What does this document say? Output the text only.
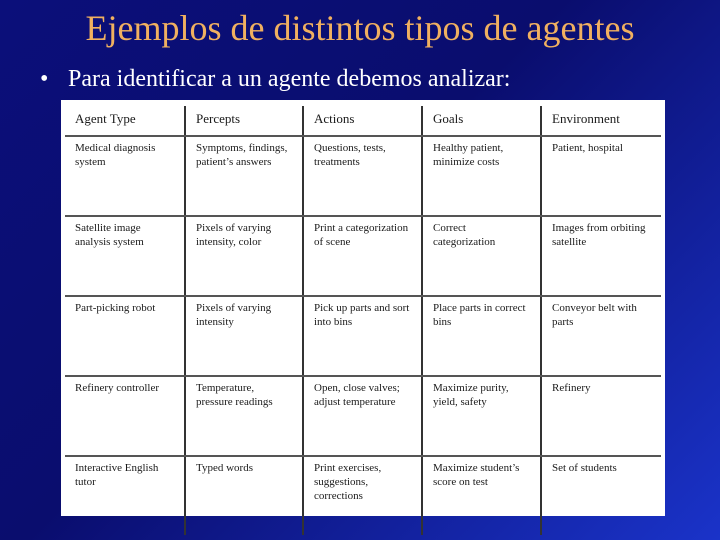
Ejemplos de distintos tipos de agentes
• Para identificar a un agente debemos analizar:
Agent Type	Percepts	Actions	Goals	Environment
Medical diagnosis system	Symptoms, findings, patient’s answers	Questions, tests, treatments	Healthy patient, minimize costs	Patient, hospital
Satellite image analysis system	Pixels of varying intensity, color	Print a categorization of scene	Correct categorization	Images from orbiting satellite
Part-picking robot	Pixels of varying intensity	Pick up parts and sort into bins	Place parts in correct bins	Conveyor belt with parts
Refinery controller	Temperature, pressure readings	Open, close valves; adjust temperature	Maximize purity, yield, safety	Refinery
Interactive English tutor	Typed words	Print exercises, suggestions, corrections	Maximize student’s score on test	Set of students
